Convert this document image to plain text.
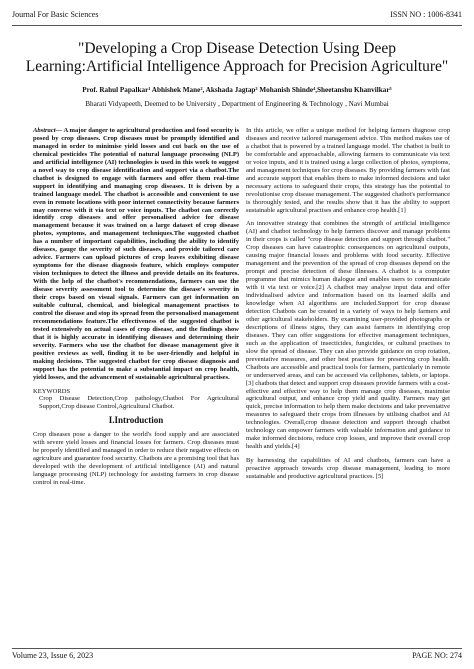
Journal For Basic Sciences	ISSN NO : 1006-8341
"Developing a Crop Disease Detection Using Deep Learning:Artificial Intelligence Approach for Precision Agriculture"
Prof. Rahul Papalkar¹ Abhishek Mane², Akshada Jagtap³ Mohanish Shinde⁴,Sheetanshu Khanvilkar⁵
Bharati Vidyapeeth, Deemed to be University , Department of Engineering & Technology , Navi Mumbai

Abstract— A major danger to agricultural production and food security is posed by crop diseases. Crop diseases must be promptly identified and managed in order to minimise yield losses and cut back on the use of chemical pesticides The potential of natural language processing (NLP) and artificial intelligence (AI) technologies is used in this work to suggest a novel way to crop disease identification and support via a chatbot.The chatbot is designed to engage with farmers and offer them real-time support in identifying and managing crop diseases. It is driven by a trained language model. The chatbot is accessible and convenient to use even in remote locations with poor internet connectivity because farmers may converse with it via text or voice inputs. The chatbot can correctly identify crop diseases and offer personalised advice for disease management because it was trained on a large dataset of crop disease photos, symptoms, and management techniques.The suggested chatbot has a number of important capabilities, including the ability to identify diseases, gauge the severity of such diseases, and provide tailored care advice. Farmers can upload pictures of crop leaves exhibiting disease symptoms for the disease diagnosis feature, which employs computer vision techniques to detect the illness and provide details on its features. With the help of the chatbot's recommendations, farmers can use the disease severity assessment tool to determine the disease's severity in their crops based on visual signals. Farmers can get information on suitable cultural, chemical, and biological management practises to control the disease and stop its spread from the personalised management recommendations feature.The effectiveness of the suggested chatbot is tested extensively on actual cases of crop disease, and the findings show that it is highly accurate in identifying diseases and determining their severity. Farmers who use the chatbot for disease management give it positive reviews as well, finding it to be user-friendly and helpful in making decisions. The suggested chatbot for crop disease diagnosis and support has the potential to make a substantial impact on crop health, yield losses, and the advancement of sustainable agricultural practises.

KEYWORDS

Crop Disease Detection,Crop pathology,Chatbot For Agricultural Support,Crop disease Control,Agricultural Chatbot.

I.Introduction

Crop diseases pose a danger to the world's food supply and are associated with severe yield losses and financial losses for farmers. Crop diseases must be properly identified and managed in order to reduce their negative effects on agriculture and guarantee food security. Chatbots are a promising tool that has developed with the development of artificial intelligence (AI) and natural language processing (NLP) technology for assisting farmers in crop disease control in real-time.

In this article, we offer a unique method for helping farmers diagnose crop diseases and receive tailored management advice. This method makes use of a chatbot that is powered by a trained language model. The chatbot is built to be comfortable and approachable, allowing farmers to communicate via text or voice inputs, and it is trained using a large collection of photos, symptoms, and management techniques for crop diseases. By providing farmers with fast and accurate support that enables them to make informed decisions and take necessary actions to safeguard their crops, this strategy has the potential to revolutionise crop disease management. The suggested chatbot's performance is thoroughly tested, and the results show that it has the ability to support sustainable agricultural practises and enhance crop health.[1]

An innovative strategy that combines the strength of artificial intelligence (AI) and chatbot technology to help farmers discover and manage problems in their crops is called "crop disease detection and support through chatbot." Crop diseases can have catastrophic consequences on agricultural outputs, causing major financial losses and problems with food security. Effective management and the prevention of the spread of crop diseases depend on the prompt and precise detection of these illnesses. A chatbot is a computer programme that mimics human dialogue and enables users to communicate with it via text or voice.[2] A chatbot may analyse input data and offer individualised advice and information based on its learned skills and knowledge when AI algorithms are included.Support for crop disease detection Chatbots can be created in a variety of ways to help farmers and other agricultural stakeholders. By examining user-provided photographs or descriptions of illness signs, they can assist farmers in identifying crop diseases. They can offer suggestions for effective management techniques, such as the application of insecticides, fungicides, or cultural practises to slow the spread of disease. They can also provide guidance on crop rotation, preventative measures, and other best practises for preserving crop health. Chatbots are accessible and practical tools for farmers, particularly in remote or underserved areas, and can be accessed via cellphones, tablets, or laptops.[3] chatbots that detect and support crop diseases provide farmers with a cost-effective and effective way to help them manage crop diseases, maximise agricultural output, and enhance crop yield and quality. Farmers may get quick, precise information to help them make decisions and take preventative measures to safeguard their crops from illnesses by utilising chatbot and AI technologies. Overall,crop disease detection and support through chatbot technology can empower farmers with valuable information and guidance to make informed decisions, reduce crop losses, and improve their overall crop health and yields.[4]

By harnessing the capabilities of AI and chatbots, farmers can have a proactive approach towards crop disease management, leading to more sustainable and productive agricultural practices. [5]

Volume 23, Issue 6, 2023	PAGE NO: 274
